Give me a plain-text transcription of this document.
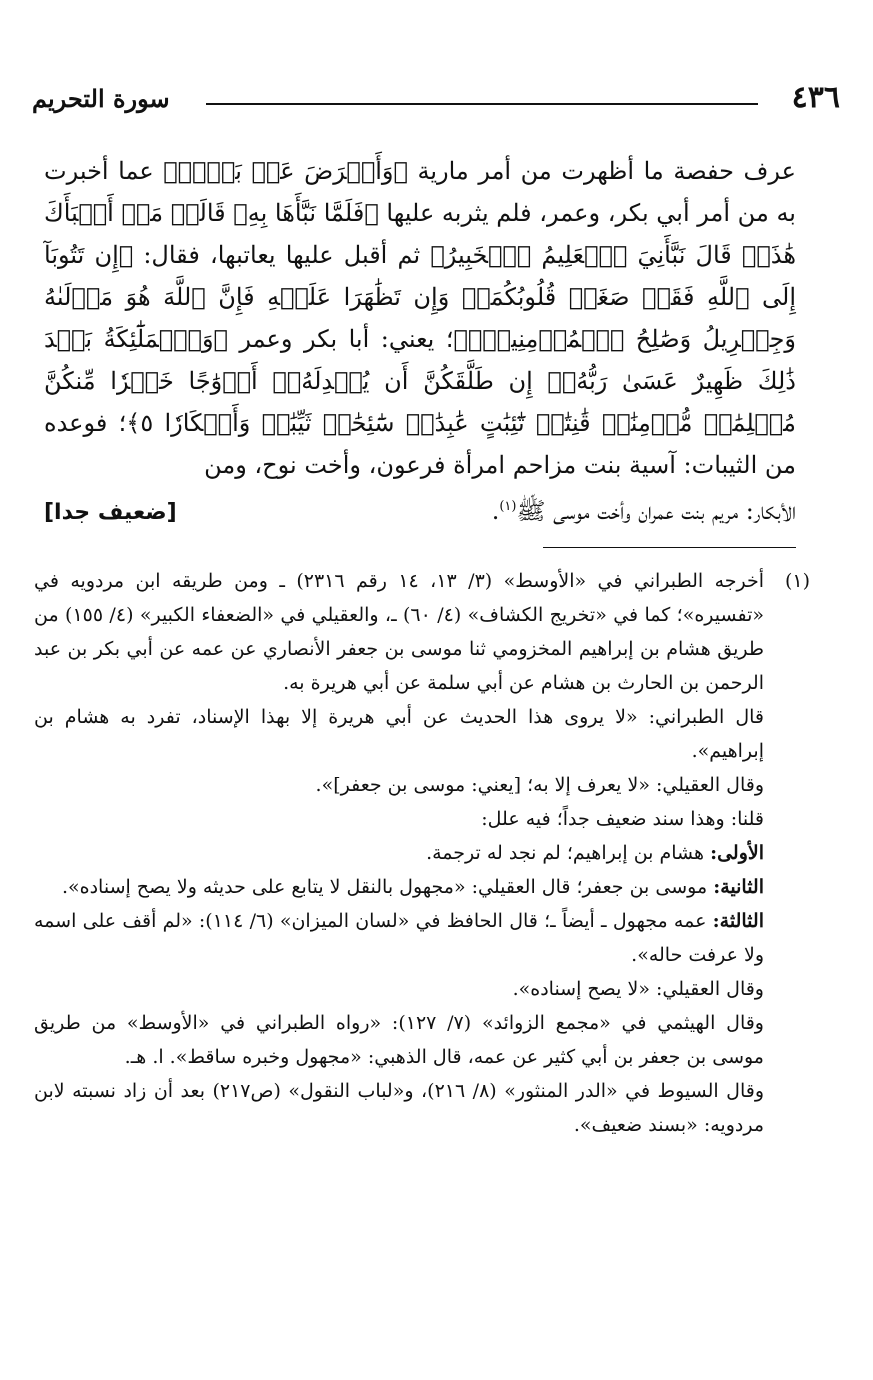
٤٣٦
سورة التحريم

عرف حفصة ما أظهرت من أمر مارية ﴿وَأَعۡرَضَ عَنۢ بَعۡضٖ﴾ عما أخبرت به من أمر أبي بكر، وعمر، فلم يثربه عليها ﴿فَلَمَّا نَبَّأَهَا بِهِۦ قَالَتۡ مَنۡ أَنۢبَأَكَ هَٰذَاۖ قَالَ نَبَّأَنِيَ ٱلۡعَلِيمُ ٱلۡخَبِيرُ﴾ ثم أقبل عليها يعاتبها، فقال: ﴿إِن تَتُوبَآ إِلَى ٱللَّهِ فَقَدۡ صَغَتۡ قُلُوبُكُمَاۖ وَإِن تَظَٰهَرَا عَلَيۡهِ فَإِنَّ ٱللَّهَ هُوَ مَوۡلَىٰهُ وَجِبۡرِيلُ وَصَٰلِحُ ٱلۡمُؤۡمِنِينَۖ﴾؛ يعني: أبا بكر وعمر ﴿وَٱلۡمَلَٰٓئِكَةُ بَعۡدَ ذَٰلِكَ ظَهِيرٌ عَسَىٰ رَبُّهُۥٓ إِن طَلَّقَكُنَّ أَن يُبۡدِلَهُۥٓ أَزۡوَٰجًا خَيۡرٗا مِّنكُنَّ مُسۡلِمَٰتٖ مُّؤۡمِنَٰتٖ قَٰنِتَٰتٖ تَٰٓئِبَٰتٍ عَٰبِدَٰتٖ سَٰٓئِحَٰتٖ ثَيِّبَٰتٖ وَأَبۡكَارٗا ٥﴾؛ فوعده من الثيبات: آسية بنت مزاحم امرأة فرعون، وأخت نوح، ومن

الأبكار: مريم بنت عمران وأخت موسى ﷺ$^{(١)}$.
[ضعيف جدا]
(١)

أخرجه الطبراني في «الأوسط» (٣/ ١٣، ١٤ رقم ٢٣١٦) ـ ومن طريقه ابن مردويه في «تفسيره»؛ كما في «تخريج الكشاف» (٤/ ٦٠) ـ، والعقيلي في «الضعفاء الكبير» (٤/ ١٥٥) من طريق هشام بن إبراهيم المخزومي ثنا موسى بن جعفر الأنصاري عن عمه عن أبي بكر بن عبد الرحمن بن الحارث بن هشام عن أبي سلمة عن أبي هريرة به.

قال الطبراني: «لا يروى هذا الحديث عن أبي هريرة إلا بهذا الإسناد، تفرد به هشام بن إبراهيم».

وقال العقيلي: «لا يعرف إلا به؛ [يعني: موسى بن جعفر]».

قلنا: وهذا سند ضعيف جداً؛ فيه علل:

الأولى: هشام بن إبراهيم؛ لم نجد له ترجمة.

الثانية: موسى بن جعفر؛ قال العقيلي: «مجهول بالنقل لا يتابع على حديثه ولا يصح إسناده».

الثالثة: عمه مجهول ـ أيضاً ـ؛ قال الحافظ في «لسان الميزان» (٦/ ١١٤): «لم أقف على اسمه ولا عرفت حاله».

وقال العقيلي: «لا يصح إسناده».

وقال الهيثمي في «مجمع الزوائد» (٧/ ١٢٧): «رواه الطبراني في «الأوسط» من طريق موسى بن جعفر بن أبي كثير عن عمه، قال الذهبي: «مجهول وخبره ساقط». ا. هـ.

وقال السيوط في «الدر المنثور» (٨/ ٢١٦)، و«لباب النقول» (ص٢١٧) بعد أن زاد نسبته لابن مردويه: «بسند ضعيف».
